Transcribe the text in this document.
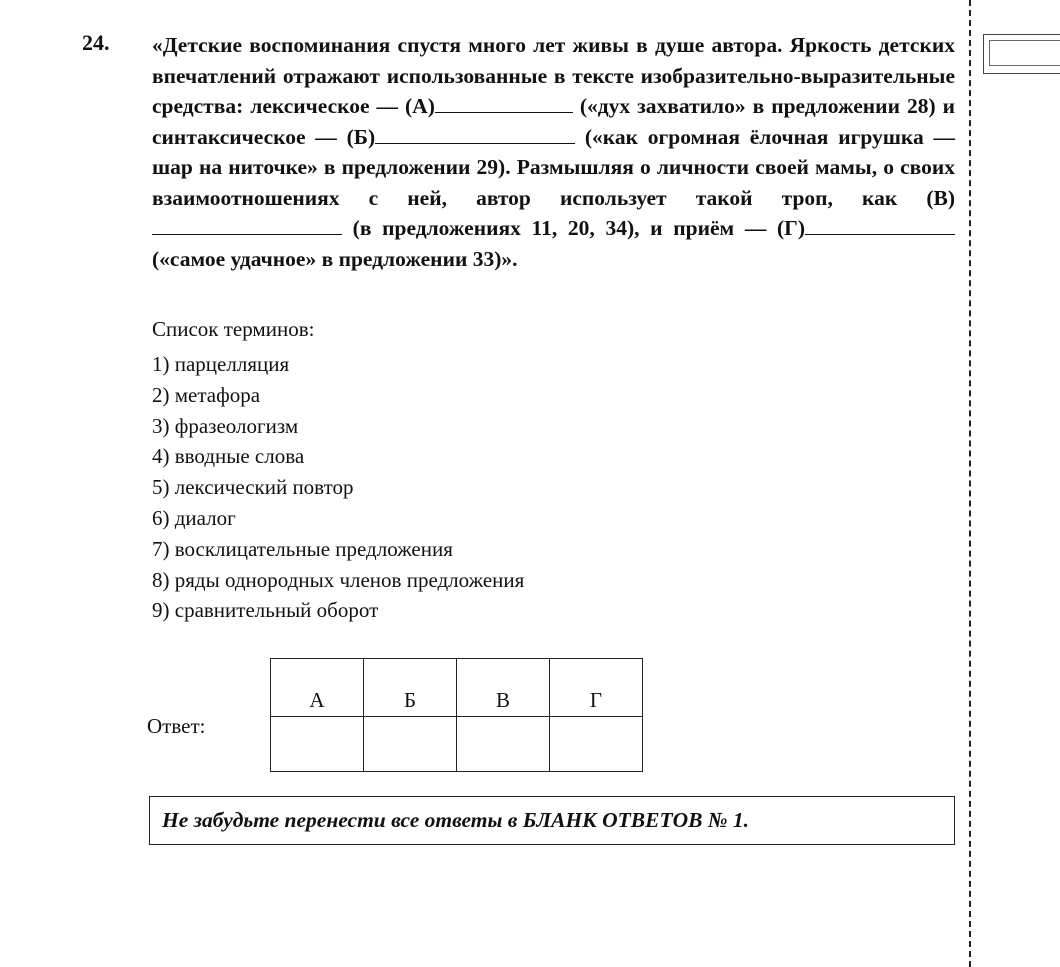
24. «Детские воспоминания спустя много лет живы в душе автора. Яркость детских впечатлений отражают использованные в тексте изобразительно-выразительные средства: лексическое — (А)	(«дух захватило» в предложении 28) и синтаксическое — (Б)	(«как огромная ёлочная игрушка — шар на ниточке» в предложении 29). Размышляя о личности своей мамы, о своих взаимоотношениях с ней, автор использует такой троп, как (В) (в предложениях 11, 20, 34), и приём — (Г) («самое удачное» в предложении 33)».

Список терминов:
1) парцелляция
2) метафора
3) фразеологизм
4) вводные слова
5) лексический повтор
6) диалог
7) восклицательные предложения
8) ряды однородных членов предложения
9) сравнительный оборот
Ответ:
А	Б	В	Г

Не забудьте перенести все ответы в БЛАНК ОТВЕТОВ № 1.
